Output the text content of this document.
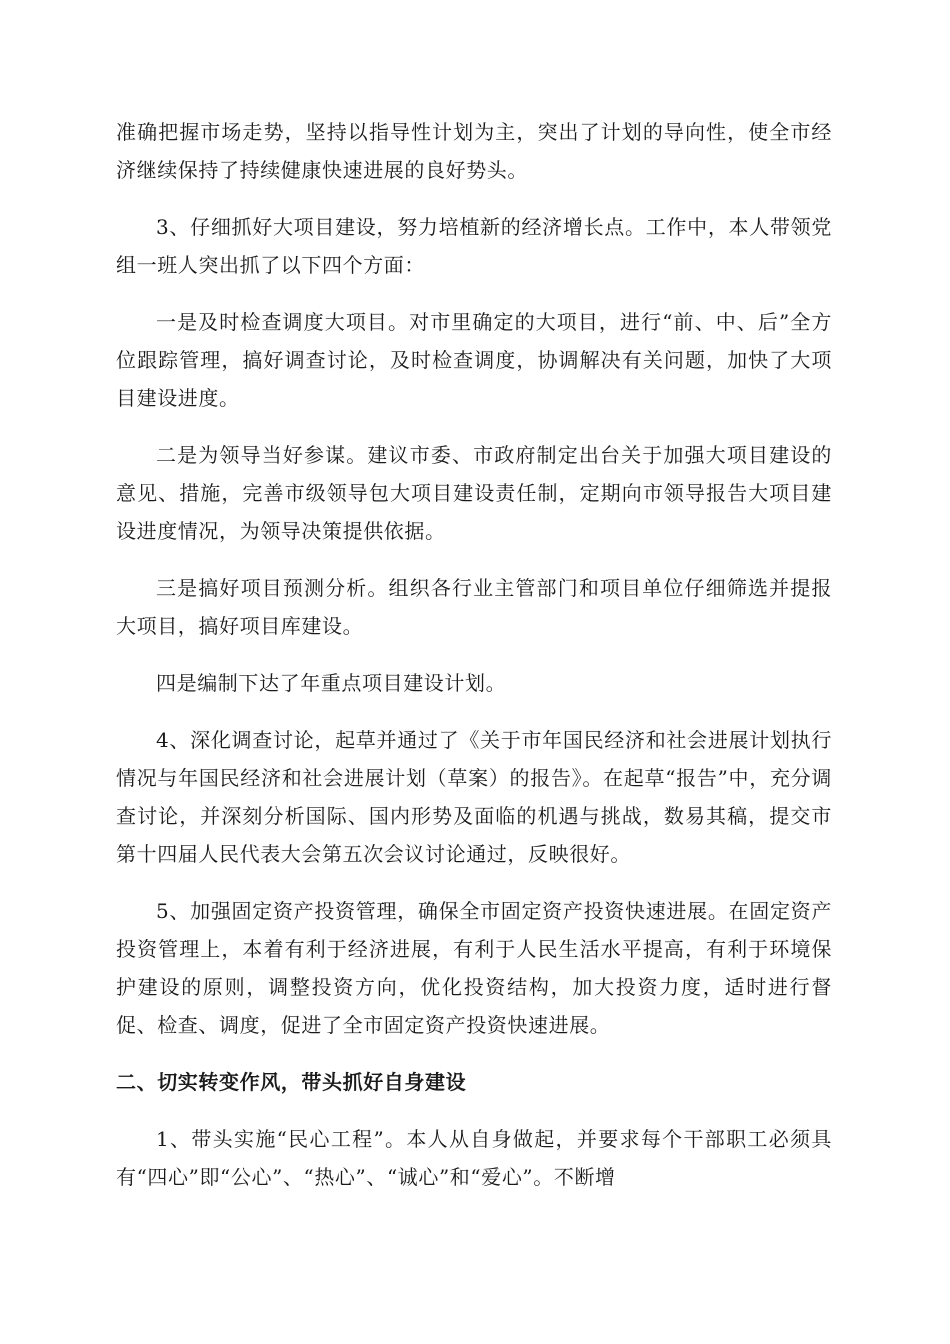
准确把握市场走势，坚持以指导性计划为主，突出了计划的导向性，使全市经济继续保持了持续健康快速进展的良好势头。

3、仔细抓好大项目建设，努力培植新的经济增长点。工作中，本人带领党组一班人突出抓了以下四个方面：

一是及时检查调度大项目。对市里确定的大项目，进行“前、中、后”全方位跟踪管理，搞好调查讨论，及时检查调度，协调解决有关问题，加快了大项目建设进度。

二是为领导当好参谋。建议市委、市政府制定出台关于加强大项目建设的意见、措施，完善市级领导包大项目建设责任制，定期向市领导报告大项目建设进度情况，为领导决策提供依据。

三是搞好项目预测分析。组织各行业主管部门和项目单位仔细筛选并提报大项目，搞好项目库建设。

四是编制下达了年重点项目建设计划。

4、深化调查讨论，起草并通过了《关于市年国民经济和社会进展计划执行情况与年国民经济和社会进展计划（草案）的报告》。在起草“报告”中，充分调查讨论，并深刻分析国际、国内形势及面临的机遇与挑战，数易其稿，提交市第十四届人民代表大会第五次会议讨论通过，反映很好。

5、加强固定资产投资管理，确保全市固定资产投资快速进展。在固定资产投资管理上，本着有利于经济进展，有利于人民生活水平提高，有利于环境保护建设的原则，调整投资方向，优化投资结构，加大投资力度，适时进行督促、检查、调度，促进了全市固定资产投资快速进展。

二、切实转变作风，带头抓好自身建设

1、带头实施“民心工程”。本人从自身做起，并要求每个干部职工必须具有“四心”即“公心”、“热心”、“诚心”和“爱心”。不断增
